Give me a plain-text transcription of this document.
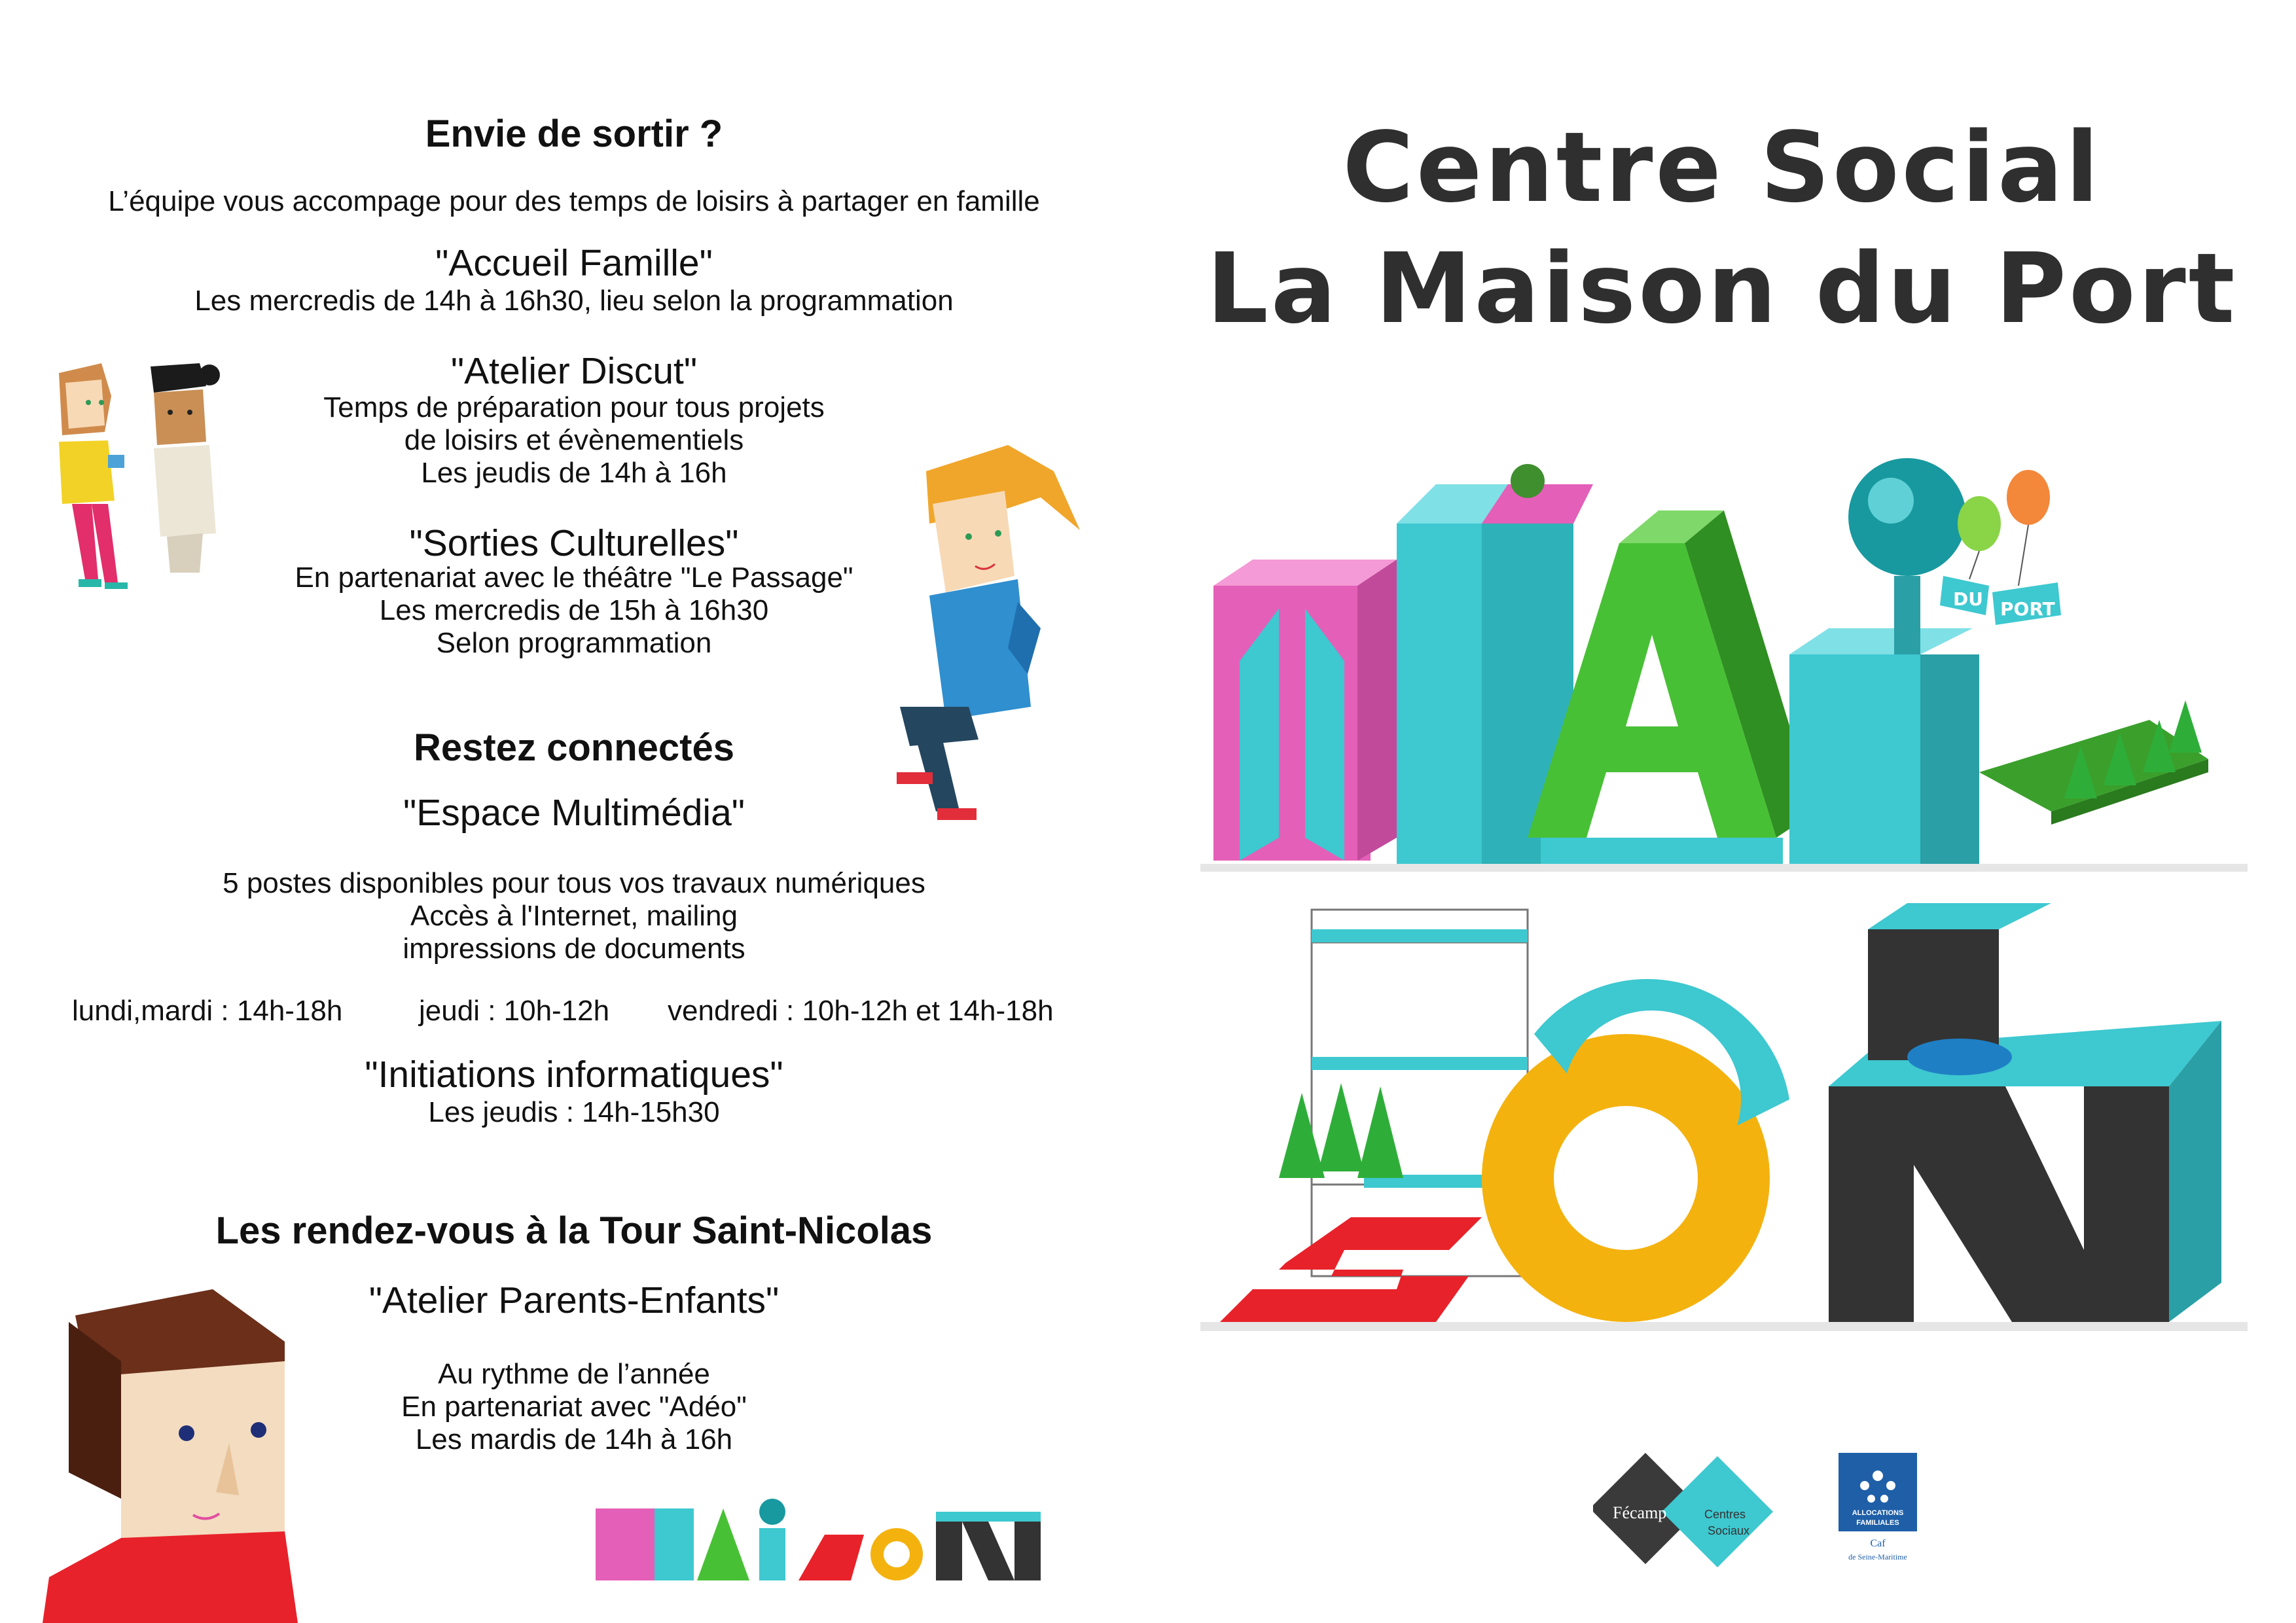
Envie de sortir ?

L’équipe vous accompage pour des temps de loisirs à partager en famille

"Accueil Famille"

Les mercredis de 14h à 16h30, lieu selon la programmation

"Atelier Discut"

Temps de préparation pour tous projets

de loisirs et évènementiels

Les jeudis de 14h à 16h

"Sorties Culturelles"

En partenariat avec le théâtre "Le Passage"

Les mercredis de 15h à 16h30

Selon programmation

Restez connectés

"Espace Multimédia"

5 postes disponibles pour tous vos travaux numériques

Accès à l'Internet, mailing

impressions de documents

lundi,mardi : 14h-18h	jeudi : 10h-12h vendredi : 10h-12h et 14h-18h

"Initiations informatiques"

Les jeudis : 14h-15h30

Les rendez-vous à la Tour Saint-Nicolas

"Atelier Parents-Enfants"

Au rythme de l’année

En partenariat avec "Adéo"

Les mardis de 14h à 16h

Centre Social

La Maison du Port

DU PORT
Fécamp	Centres
Sociaux
ALLOCATIONS
FAMILIALES
Caf
de Seine-Maritime
